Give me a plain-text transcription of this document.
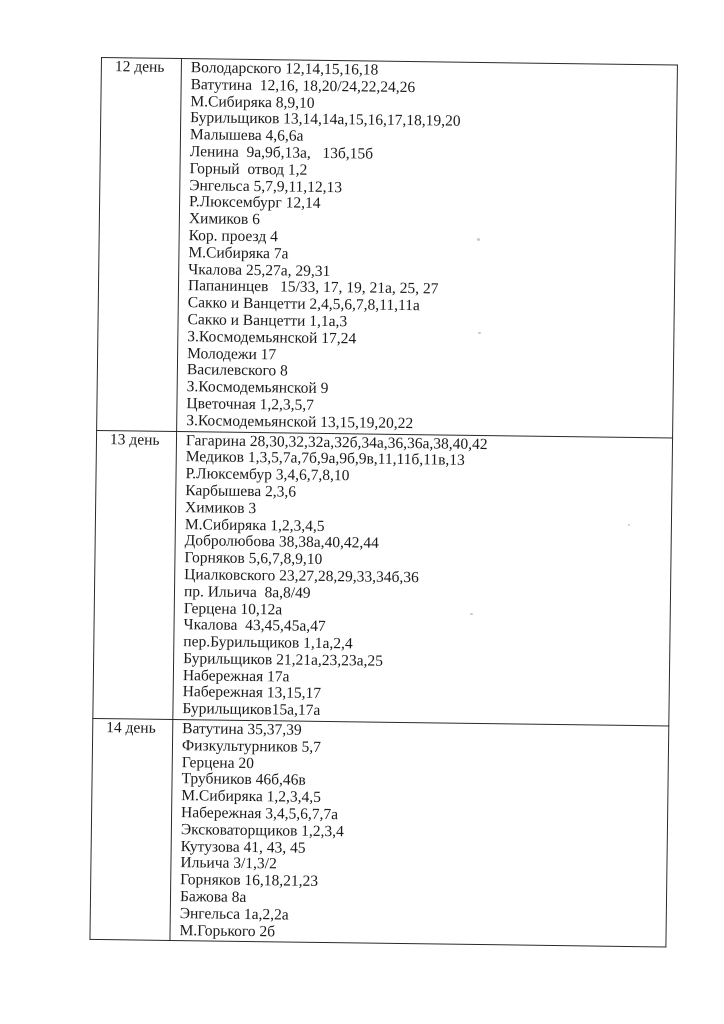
12 день	Володарского 12,14,15,16,18
Ватутина  12,16, 18,20/24,22,24,26
М.Сибиряка 8,9,10
Бурильщиков 13,14,14а,15,16,17,18,19,20
Малышева 4,6,6а
Ленина  9а,9б,13а,   13б,15б
Горный  отвод 1,2
Энгельса 5,7,9,11,12,13
Р.Люксембург 12,14
Химиков 6
Кор. проезд 4
М.Сибиряка 7а
Чкалова 25,27а, 29,31
Папанинцев   15/33, 17, 19, 21а, 25, 27
Сакко и Ванцетти 2,4,5,6,7,8,11,11а
Сакко и Ванцетти 1,1а,3
З.Космодемьянской 17,24
Молодежи 17
Василевского 8
З.Космодемьянской 9
Цветочная 1,2,3,5,7
З.Космодемьянской 13,15,19,20,22

13 день	Гагарина 28,30,32,32а,32б,34а,36,36а,38,40,42
Медиков 1,3,5,7а,7б,9а,9б,9в,11,11б,11в,13
Р.Люксембур 3,4,6,7,8,10
Карбышева 2,3,6
Химиков 3
М.Сибиряка 1,2,3,4,5
Добролюбова 38,38а,40,42,44
Горняков 5,6,7,8,9,10
Циалковского 23,27,28,29,33,34б,36
пр. Ильича  8а,8/49
Герцена 10,12а
Чкалова  43,45,45а,47
пер.Бурильщиков 1,1а,2,4
Бурильщиков 21,21а,23,23а,25
Набережная 17а
Набережная 13,15,17
Бурильщиков15а,17а

14 день	Ватутина 35,37,39
Физкультурников 5,7
Герцена 20
Трубников 46б,46в
М.Сибиряка 1,2,3,4,5
Набережная 3,4,5,6,7,7а
Эксковаторщиков 1,2,3,4
Кутузова 41, 43, 45
Ильича 3/1,3/2
Горняков 16,18,21,23
Бажова 8а
Энгельса 1а,2,2а
М.Горького 2б
